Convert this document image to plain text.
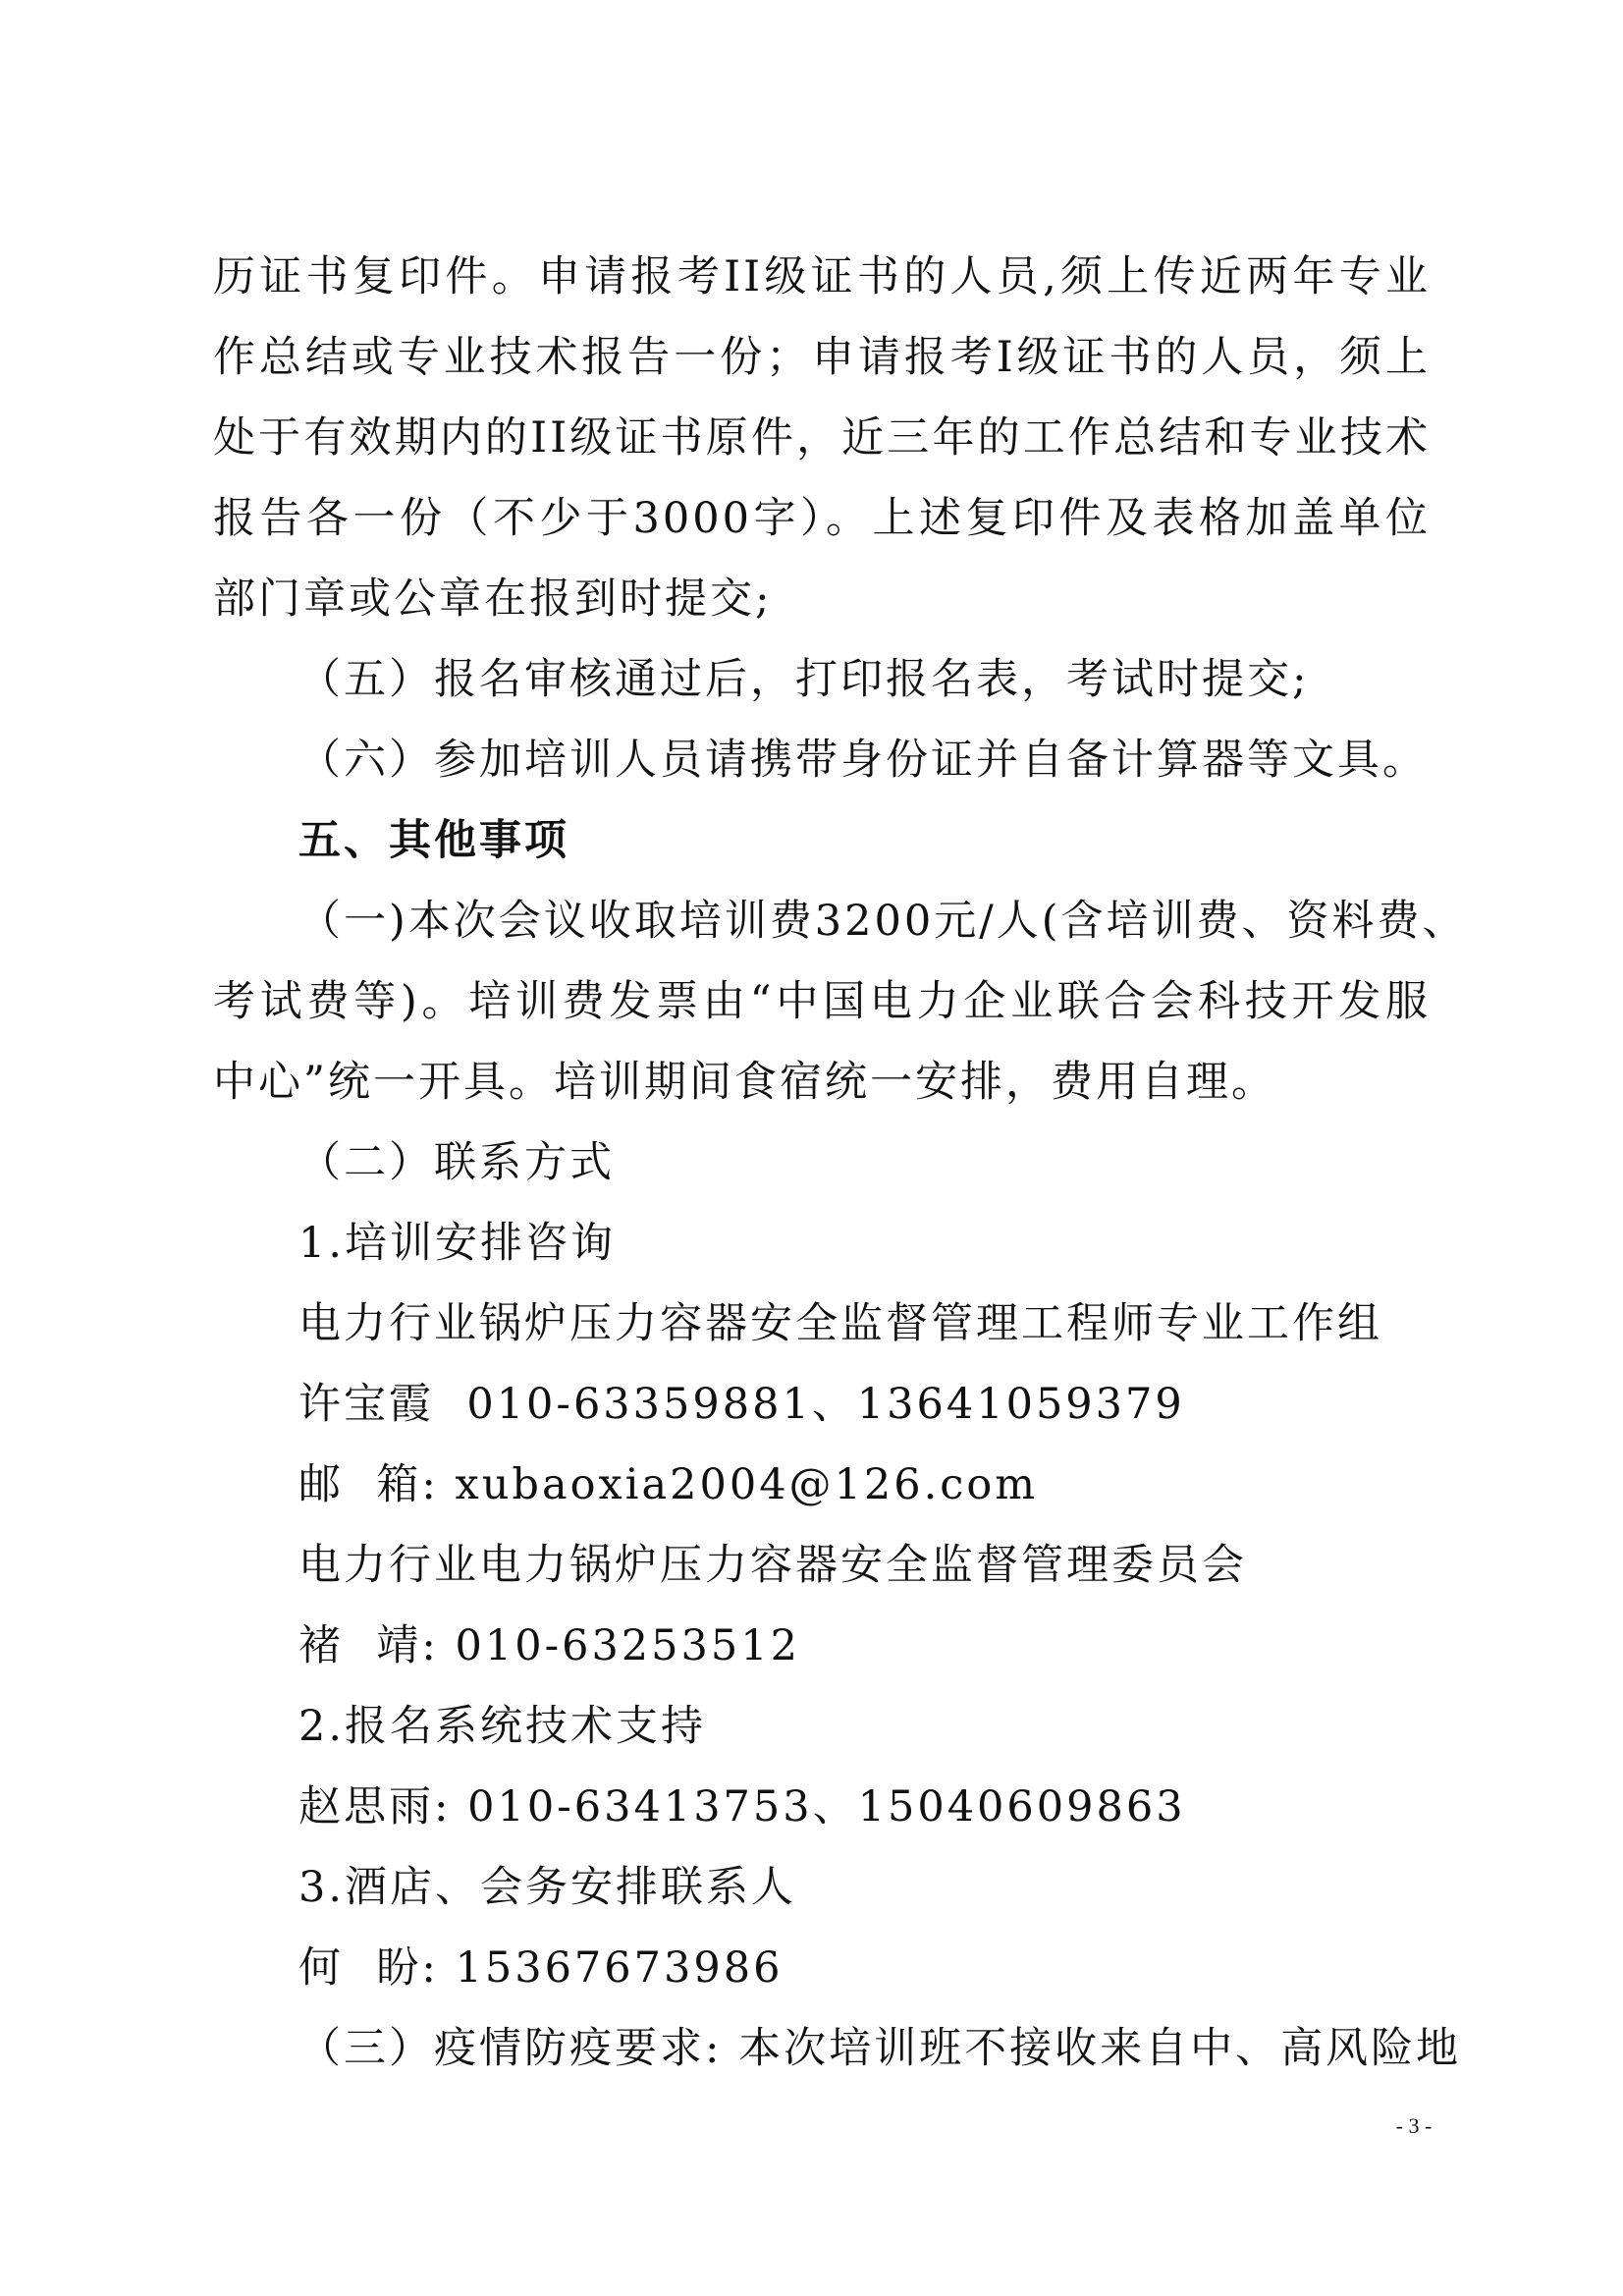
历证书复印件。申请报考II级证书的人员,须上传近两年专业
作总结或专业技术报告一份；申请报考I级证书的人员，须上
处于有效期内的II级证书原件，近三年的工作总结和专业技术
报告各一份（不少于3000字）。上述复印件及表格加盖单位
部门章或公章在报到时提交;
（五）报名审核通过后，打印报名表，考试时提交;
（六）参加培训人员请携带身份证并自备计算器等文具。
五、其他事项
（一)本次会议收取培训费3200元/人(含培训费、资料费、
考试费等)。培训费发票由“中国电力企业联合会科技开发服
中心”统一开具。培训期间食宿统一安排，费用自理。
（二）联系方式
1.培训安排咨询
电力行业锅炉压力容器安全监督管理工程师专业工作组
许宝霞  010-63359881、13641059379
邮  箱: xubaoxia2004@126.com
电力行业电力锅炉压力容器安全监督管理委员会
褚  靖: 010-63253512
2.报名系统技术支持
赵思雨: 010-63413753、15040609863
3.酒店、会务安排联系人
何  盼: 15367673986
（三）疫情防疫要求: 本次培训班不接收来自中、高风险地
- 3 -
